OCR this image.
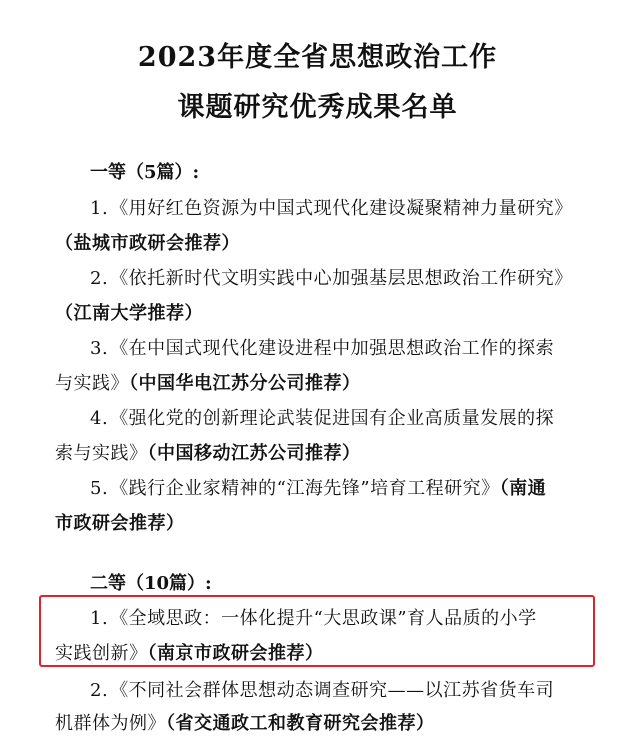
2023年度全省思想政治工作
课题研究优秀成果名单
一等（5篇）:
1. 《用好红色资源为中国式现代化建设凝聚精神力量研究》
（盐城市政研会推荐）
2. 《依托新时代文明实践中心加强基层思想政治工作研究》
（江南大学推荐）
3. 《在中国式现代化建设进程中加强思想政治工作的探索
与实践》（中国华电江苏分公司推荐）
4. 《强化党的创新理论武装促进国有企业高质量发展的探
索与实践》（中国移动江苏公司推荐）
5. 《践行企业家精神的“江海先锋”培育工程研究》（南通
市政研会推荐）
二等（10篇）:
1. 《全域思政：一体化提升“大思政课”育人品质的小学
实践创新》（南京市政研会推荐）
2. 《不同社会群体思想动态调查研究——以江苏省货车司
机群体为例》（省交通政工和教育研究会推荐）
